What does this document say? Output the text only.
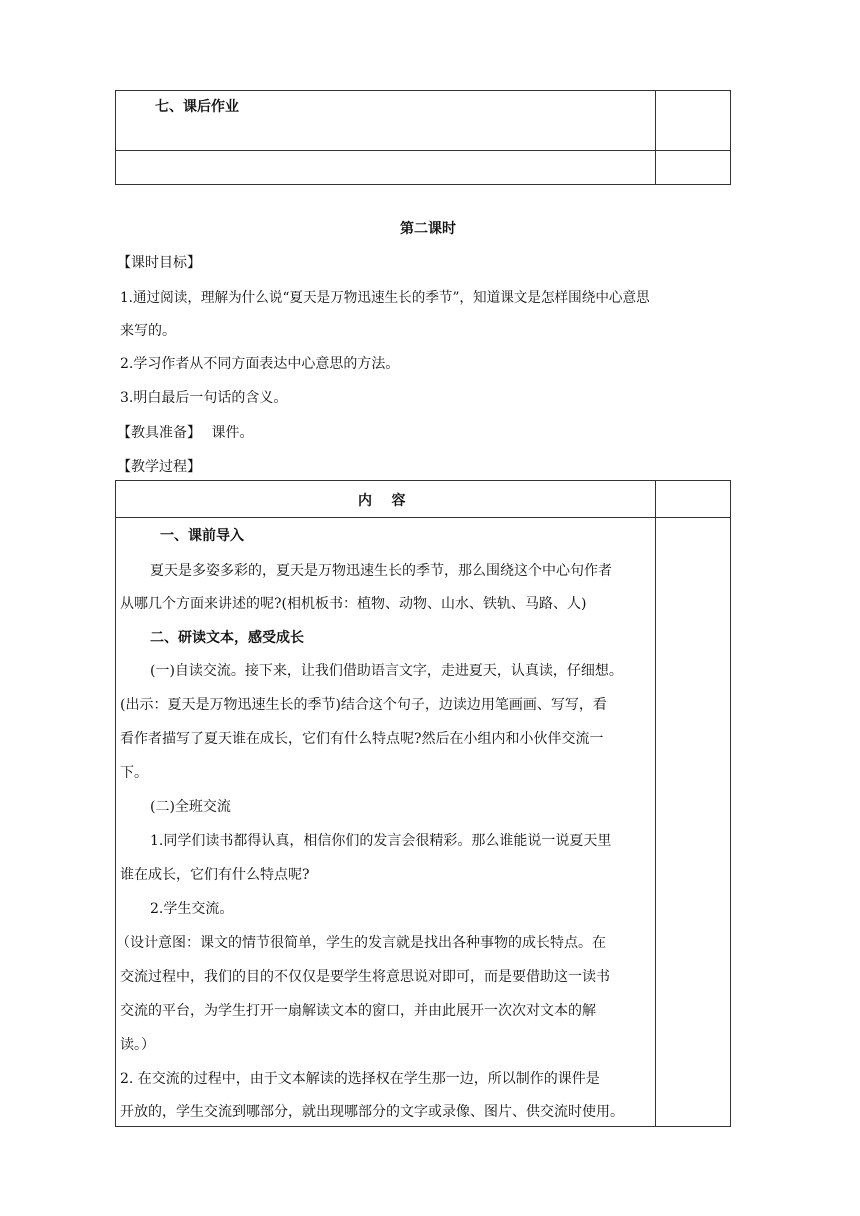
七、课后作业
第二课时
【课时目标】
1.通过阅读，理解为什么说“夏天是万物迅速生长的季节”，知道课文是怎样围绕中心意思
来写的。
2.学习作者从不同方面表达中心意思的方法。
3.明白最后一句话的含义。
【教具准备】 课件。
【教学过程】
内    容
一、课前导入
夏天是多姿多彩的，夏天是万物迅速生长的季节，那么围绕这个中心句作者
从哪几个方面来讲述的呢?(相机板书：植物、动物、山水、铁轨、马路、人)
二、研读文本，感受成长
(一)自读交流。接下来，让我们借助语言文字，走进夏天，认真读，仔细想。
(出示：夏天是万物迅速生长的季节)结合这个句子，边读边用笔画画、写写，看
看作者描写了夏天谁在成长，它们有什么特点呢?然后在小组内和小伙伴交流一
下。
(二)全班交流
1.同学们读书都得认真，相信你们的发言会很精彩。那么谁能说一说夏天里
谁在成长，它们有什么特点呢?
2.学生交流。
（设计意图：课文的情节很简单，学生的发言就是找出各种事物的成长特点。在
交流过程中，我们的目的不仅仅是要学生将意思说对即可，而是要借助这一读书
交流的平台，为学生打开一扇解读文本的窗口，并由此展开一次次对文本的解
读。）
2. 在交流的过程中，由于文本解读的选择权在学生那一边，所以制作的课件是
开放的，学生交流到哪部分，就出现哪部分的文字或录像、图片、供交流时使用。
